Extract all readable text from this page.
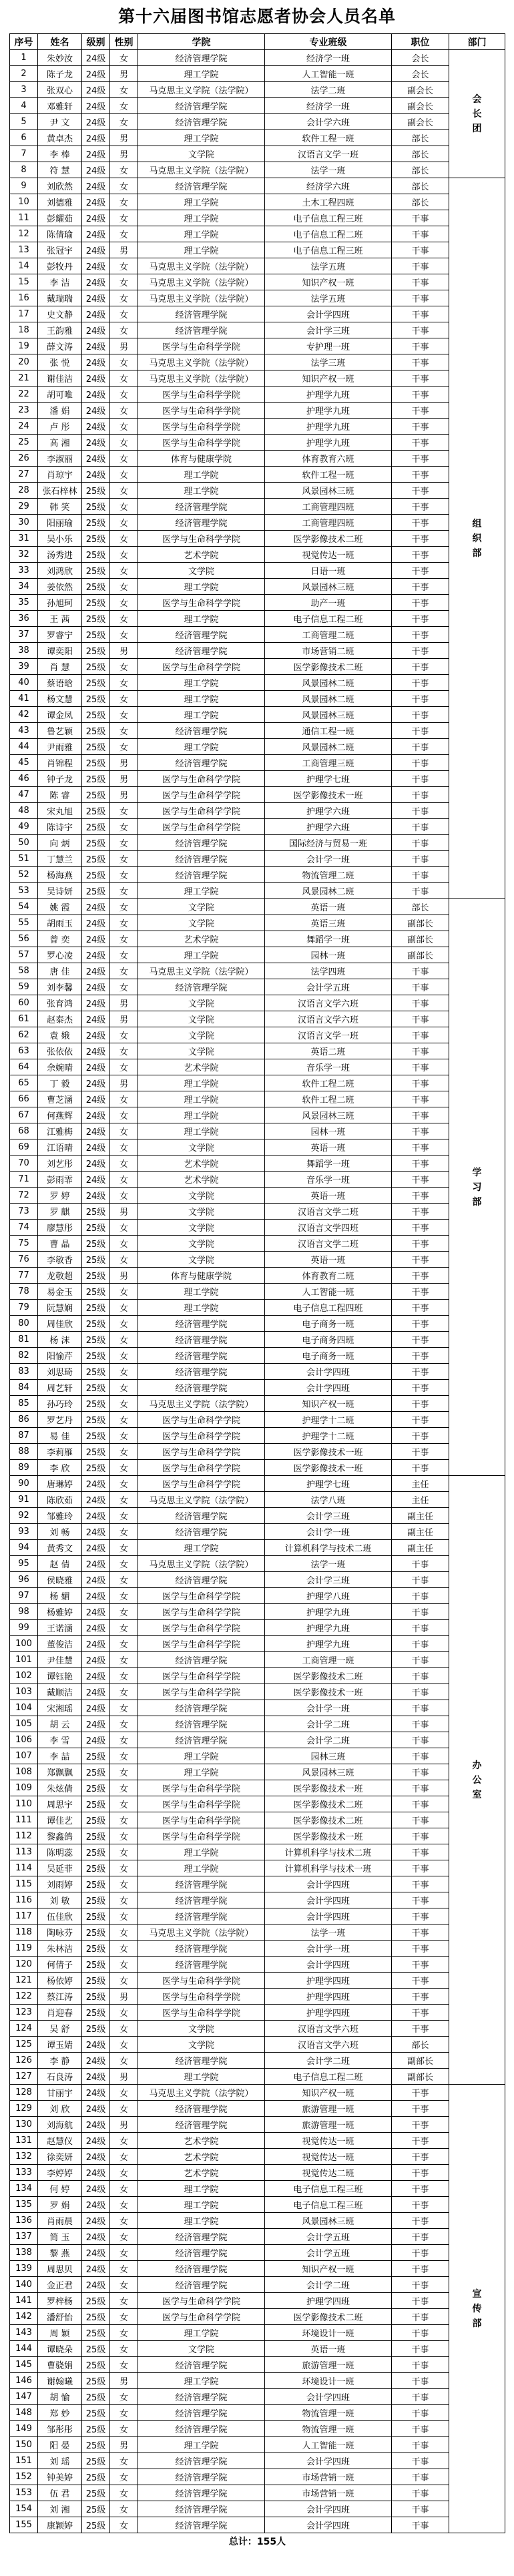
第十六届图书馆志愿者协会人员名单
序号	姓名	级别	性别	学院	专业班级	职位	部门
1	朱妙汝	24级	女	经济管理学院	经济学一班	会长	会长团
2	陈子龙	24级	男	理工学院	人工智能一班	会长	
3	张双心	24级	女	马克思主义学院（法学院）	法学二班	副会长	
4	邓雅轩	24级	女	经济管理学院	经济学一班	副会长	
5	尹 文	24级	女	经济管理学院	会计学六班	副会长	
6	黄卓杰	24级	男	理工学院	软件工程一班	部长	
7	李 棒	24级	男	文学院	汉语言文学一班	部长	
8	符 慧	24级	女	马克思主义学院（法学院）	法学一班	部长	
9	刘欣然	24级	女	经济管理学院	经济学六班	部长	组织部
10	刘德雅	24级	女	理工学院	土木工程四班	部长	
11	彭耀茹	24级	女	理工学院	电子信息工程三班	干事	
12	陈倩瑜	24级	女	理工学院	电子信息工程二班	干事	
13	张冠宇	24级	男	理工学院	电子信息工程三班	干事	
14	彭牧丹	24级	女	马克思主义学院（法学院）	法学五班	干事	
15	李 洁	24级	女	马克思主义学院（法学院）	知识产权一班	干事	
16	戴瑞瑞	24级	女	马克思主义学院（法学院）	法学五班	干事	
17	史文静	24级	女	经济管理学院	会计学四班	干事	
18	王韵雅	24级	女	经济管理学院	会计学三班	干事	
19	薛文涛	24级	男	医学与生命科学学院	专护理一班	干事	
20	张 悦	24级	女	马克思主义学院（法学院）	法学三班	干事	
21	谢佳洁	24级	女	马克思主义学院（法学院）	知识产权一班	干事	
22	胡可唯	24级	女	医学与生命科学学院	护理学九班	干事	
23	潘 娟	24级	女	医学与生命科学学院	护理学九班	干事	
24	卢 彤	24级	女	医学与生命科学学院	护理学九班	干事	
25	高 湘	24级	女	医学与生命科学学院	护理学九班	干事	
26	李淑丽	24级	女	体育与健康学院	体育教育六班	干事	
27	肖琼宇	24级	女	理工学院	软件工程一班	干事	
28	张石梓林	25级	女	理工学院	风景园林三班	干事	
29	韩 笑	25级	女	经济管理学院	工商管理四班	干事	
30	阳丽瑜	25级	女	经济管理学院	工商管理四班	干事	
31	吴小乐	25级	女	医学与生命科学学院	医学影像技术二班	干事	
32	汤秀进	25级	女	艺术学院	视觉传达一班	干事	
33	刘鸿欣	25级	女	文学院	日语一班	干事	
34	姜依然	25级	女	理工学院	风景园林三班	干事	
35	孙旭珂	25级	女	医学与生命科学学院	助产一班	干事	
36	王 茜	25级	女	理工学院	电子信息工程二班	干事	
37	罗睿宁	25级	女	经济管理学院	工商管理二班	干事	
38	谭奕阳	25级	男	经济管理学院	市场营销二班	干事	
39	肖 慧	25级	女	医学与生命科学学院	医学影像技术二班	干事	
40	蔡语晗	25级	女	理工学院	风景园林二班	干事	
41	杨文慧	25级	女	理工学院	风景园林二班	干事	
42	谭金凤	25级	女	理工学院	风景园林三班	干事	
43	鲁艺颖	25级	女	经济管理学院	通信工程一班	干事	
44	尹雨雅	25级	女	理工学院	风景园林二班	干事	
45	肖锦程	25级	男	经济管理学院	工商管理三班	干事	
46	钟子龙	25级	男	医学与生命科学学院	护理学七班	干事	
47	陈 睿	25级	男	医学与生命科学学院	医学影像技术一班	干事	
48	宋丸旭	25级	女	医学与生命科学学院	护理学六班	干事	
49	陈诗宇	25级	女	医学与生命科学学院	护理学六班	干事	
50	向 炳	25级	女	经济管理学院	国际经济与贸易一班	干事	
51	丁慧兰	25级	女	经济管理学院	会计学一班	干事	
52	杨海燕	25级	女	经济管理学院	物流管理二班	干事	
53	吴诗妍	25级	女	理工学院	风景园林二班	干事	
54	姚 霞	24级	女	文学院	英语一班	部长	学习部
55	胡雨玉	24级	女	文学院	英语三班	副部长	
56	曾 奕	24级	女	艺术学院	舞蹈学一班	副部长	
57	罗心凌	24级	女	理工学院	园林一班	副部长	
58	唐 佳	24级	女	马克思主义学院（法学院）	法学四班	干事	
59	刘李馨	24级	女	经济管理学院	会计学五班	干事	
60	张育鸿	24级	男	文学院	汉语言文学六班	干事	
61	赵泰杰	24级	男	文学院	汉语言文学六班	干事	
62	袁 娥	24级	女	文学院	汉语言文学一班	干事	
63	张依依	24级	女	文学院	英语二班	干事	
64	余婉晴	24级	女	艺术学院	音乐学一班	干事	
65	丁 毅	24级	男	理工学院	软件工程二班	干事	
66	曹芝涵	24级	女	理工学院	软件工程二班	干事	
67	何燕辉	24级	女	理工学院	风景园林三班	干事	
68	江雅梅	24级	女	理工学院	园林一班	干事	
69	江语晴	24级	女	文学院	英语一班	干事	
70	刘艺彤	24级	女	艺术学院	舞蹈学一班	干事	
71	彭雨霏	24级	女	艺术学院	音乐学一班	干事	
72	罗 婷	24级	女	文学院	英语一班	干事	
73	罗 麒	25级	男	文学院	汉语言文学二班	干事	
74	廖慧彤	25级	女	文学院	汉语言文学四班	干事	
75	曹 晶	25级	女	文学院	汉语言文学二班	干事	
76	李敏香	25级	女	文学院	英语一班	干事	
77	龙敬超	25级	男	体育与健康学院	体育教育二班	干事	
78	易金玉	25级	女	理工学院	人工智能一班	干事	
79	阮慧娴	25级	女	理工学院	电子信息工程四班	干事	
80	周佳欣	25级	女	经济管理学院	电子商务一班	干事	
81	杨 沫	25级	女	经济管理学院	电子商务四班	干事	
82	阳愉芹	25级	女	经济管理学院	电子商务一班	干事	
83	刘思琦	25级	女	经济管理学院	会计学四班	干事	
84	周艺轩	25级	女	经济管理学院	会计学四班	干事	
85	孙巧玲	25级	女	马克思主义学院（法学院）	知识产权一班	干事	
86	罗艺丹	25级	女	医学与生命科学学院	护理学十二班	干事	
87	易 佳	25级	女	医学与生命科学学院	护理学十二班	干事	
88	李莉雁	25级	女	医学与生命科学学院	医学影像技术一班	干事	
89	李 欣	25级	女	医学与生命科学学院	医学影像技术一班	干事	
90	唐琳婷	24级	女	医学与生命科学学院	护理学七班	主任	办公室
91	陈欣茹	24级	女	马克思主义学院（法学院）	法学八班	主任	
92	邹雅玲	24级	女	经济管理学院	会计学三班	副主任	
93	刘 畅	24级	女	经济管理学院	会计学一班	副主任	
94	黄秀文	24级	女	理工学院	计算机科学与技术二班	副主任	
95	赵 倩	24级	女	马克思主义学院（法学院）	法学一班	干事	
96	侯晓雅	24级	女	经济管理学院	会计学三班	干事	
97	杨 媚	24级	女	医学与生命科学学院	护理学八班	干事	
98	杨雅婷	24级	女	医学与生命科学学院	护理学九班	干事	
99	王诺涵	24级	女	医学与生命科学学院	护理学九班	干事	
100	董俊洁	24级	女	医学与生命科学学院	护理学九班	干事	
101	尹佳慧	24级	女	经济管理学院	工商管理一班	干事	
102	谭钰艳	24级	女	医学与生命科学学院	医学影像技术二班	干事	
103	戴顺洁	24级	女	医学与生命科学学院	医学影像技术一班	干事	
104	宋湘瑶	24级	女	经济管理学院	会计学一班	干事	
105	胡 云	24级	女	经济管理学院	会计学二班	干事	
106	李 雪	24级	女	经济管理学院	会计学二班	干事	
107	李 喆	25级	女	理工学院	园林三班	干事	
108	郑飘飘	25级	女	理工学院	风景园林三班	干事	
109	朱炫倩	25级	女	医学与生命科学学院	医学影像技术一班	干事	
110	周思宇	25级	女	医学与生命科学学院	医学影像技术二班	干事	
111	谭佳艺	25级	女	医学与生命科学学院	医学影像技术二班	干事	
112	黎鑫鸽	25级	女	医学与生命科学学院	医学影像技术一班	干事	
113	陈明蕊	25级	女	理工学院	计算机科学与技术二班	干事	
114	吴延菲	25级	女	理工学院	计算机科学与技术一班	干事	
115	刘雨婷	25级	女	经济管理学院	会计学四班	干事	
116	刘 敏	25级	女	经济管理学院	会计学四班	干事	
117	伍佳欣	25级	女	经济管理学院	会计学四班	干事	
118	陶咏芬	25级	女	马克思主义学院（法学院）	法学一班	干事	
119	朱林洁	25级	女	经济管理学院	会计学一班	干事	
120	何倩子	25级	女	经济管理学院	会计学四班	干事	
121	杨依婷	25级	女	医学与生命科学学院	护理学四班	干事	
122	蔡江涛	25级	男	医学与生命科学学院	护理学四班	干事	
123	肖迎春	25级	女	医学与生命科学学院	护理学四班	干事	
124	吴 舒	25级	女	文学院	汉语言文学六班	干事	
125	谭玉婧	24级	女	文学院	汉语言文学六班	部长	
126	李 静	24级	女	经济管理学院	会计学二班	副部长	
127	石良涛	24级	男	理工学院	电子信息工程二班	副部长	
128	甘丽宇	24级	女	马克思主义学院（法学院）	知识产权一班	干事	宣传部
129	刘 欣	24级	女	经济管理学院	旅游管理一班	干事	
130	刘海航	24级	男	经济管理学院	旅游管理一班	干事	
131	赵慧仪	24级	女	艺术学院	视觉传达一班	干事	
132	徐奕妍	24级	女	艺术学院	视觉传达一班	干事	
133	李婷婷	24级	女	艺术学院	视觉传达二班	干事	
134	何 婷	24级	女	理工学院	电子信息工程三班	干事	
135	罗 娟	24级	女	理工学院	电子信息工程三班	干事	
136	肖雨晨	24级	女	理工学院	风景园林三班	干事	
137	简 玉	24级	女	经济管理学院	会计学五班	干事	
138	黎 燕	24级	女	经济管理学院	会计学五班	干事	
139	周思贝	24级	女	经济管理学院	知识产权一班	干事	
140	金正君	24级	女	经济管理学院	会计学二班	干事	
141	罗梓杨	25级	女	医学与生命科学学院	护理学四班	干事	
142	潘舒怡	25级	女	医学与生命科学学院	医学影像技术二班	干事	
143	周 颖	25级	女	理工学院	环境设计一班	干事	
144	谭晓朵	25级	女	文学院	英语一班	干事	
145	曹骁娟	25级	女	经济管理学院	旅游管理一班	干事	
146	谢翰曦	25级	男	理工学院	环境设计一班	干事	
147	胡 愉	25级	女	经济管理学院	会计学四班	干事	
148	郑 妙	25级	女	经济管理学院	物流管理一班	干事	
149	邹彤彤	25级	女	经济管理学院	物流管理一班	干事	
150	阳 晏	25级	男	理工学院	人工智能一班	干事	
151	刘 瑶	25级	女	经济管理学院	会计学四班	干事	
152	钟美婷	25级	女	经济管理学院	市场营销一班	干事	
153	伍 君	25级	女	经济管理学院	市场营销一班	干事	
154	刘 湘	25级	女	经济管理学院	会计学四班	干事	
155	康颖婷	25级	女	经济管理学院	会计学四班	干事	
总计：155人							
